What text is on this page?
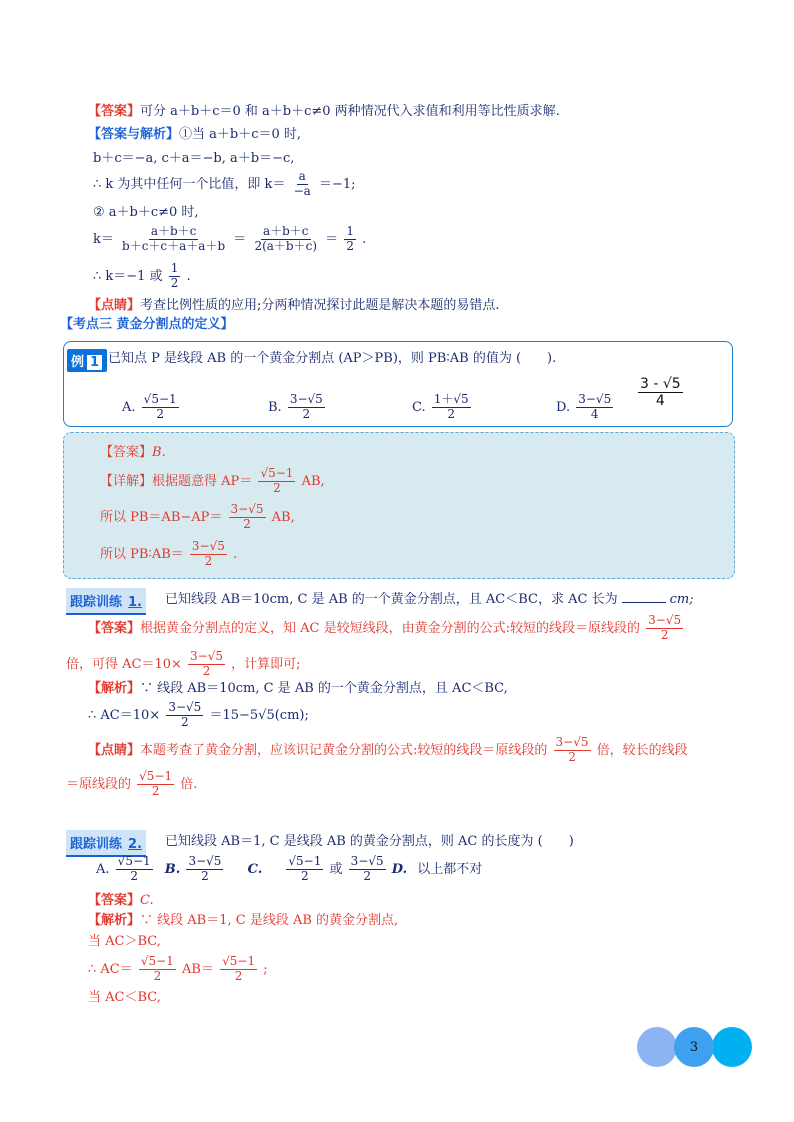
【答案】可分 a＋b＋c＝0 和 a＋b＋c≠0 两种情况代入求值和利用等比性质求解.
【答案与解析】①当 a＋b＋c＝0 时,
b＋c＝−a, c＋a＝−b, a＋b＝−c,
∴ k 为其中任何一个比值，即 $k= \frac{a}{-a} =-1$;
② a＋b＋c≠0 时,
$k= \frac{a+b+c}{b+c+c+a+a+b} = \frac{a+b+c}{2(a+b+c)} = \frac{1}{2}$ .
∴ k＝−1 或 $\frac{1}{2}$ .
【点睛】考查比例性质的应用;分两种情况探讨此题是解决本题的易错点.
【考点三 黄金分割点的定义】
例 1 已知点 P 是线段 AB 的一个黄金分割点 (AP＞PB)，则 PB∶AB 的值为 (　　).
A. $\frac{√5-1}{2}$	B. $\frac{3-√5}{2}$	C. $\frac{1+√5}{2}$	D. $\frac{3-√5}{4} \frac{3 - √5}{4}$
【答案】B.
【详解】根据题意得 $AP= \frac{√5-1}{2}$ AB,
所以 $PB=AB-AP= \frac{3-√5}{2}$ AB,
所以 PB∶AB＝ $\frac{3-√5}{2}$ .
跟踪训练 1.	已知线段 AB＝10cm, C 是 AB 的一个黄金分割点，且 AC＜BC，求 AC 长为	cm;
【答案】根据黄金分割点的定义，知 AC 是较短线段，由黄金分割的公式:较短的线段＝原线段的 $\frac{3-√5}{2}$
倍，可得 $AC=10\times \frac{3-√5}{2}$ ，计算即可;
【解析】∵ 线段 AB＝10cm, C 是 AB 的一个黄金分割点，且 AC＜BC,
∴ $AC=10\times \frac{3-√5}{2} =15-5√5(cm)$;
【点睛】本题考查了黄金分割，应该识记黄金分割的公式:较短的线段＝原线段的 $\frac{3-√5}{2}$ 倍，较长的线段
＝原线段的 $\frac{√5-1}{2}$ 倍.
跟踪训练 2.	已知线段 AB＝1, C 是线段 AB 的黄金分割点，则 AC 的长度为 (　　)
A. $\frac{√5-1}{2} B$. $\frac{3-√5}{2} C$. $\frac{√5-1}{2}$ 或 $\frac{3-√5}{2} D$. 以上都不对
【答案】C.
【解析】∵ 线段 AB＝1, C 是线段 AB 的黄金分割点,
当 AC＞BC,
∴ $AC= \frac{√5-1}{2} AB= \frac{√5-1}{2}$ ;
当 AC＜BC,
3
